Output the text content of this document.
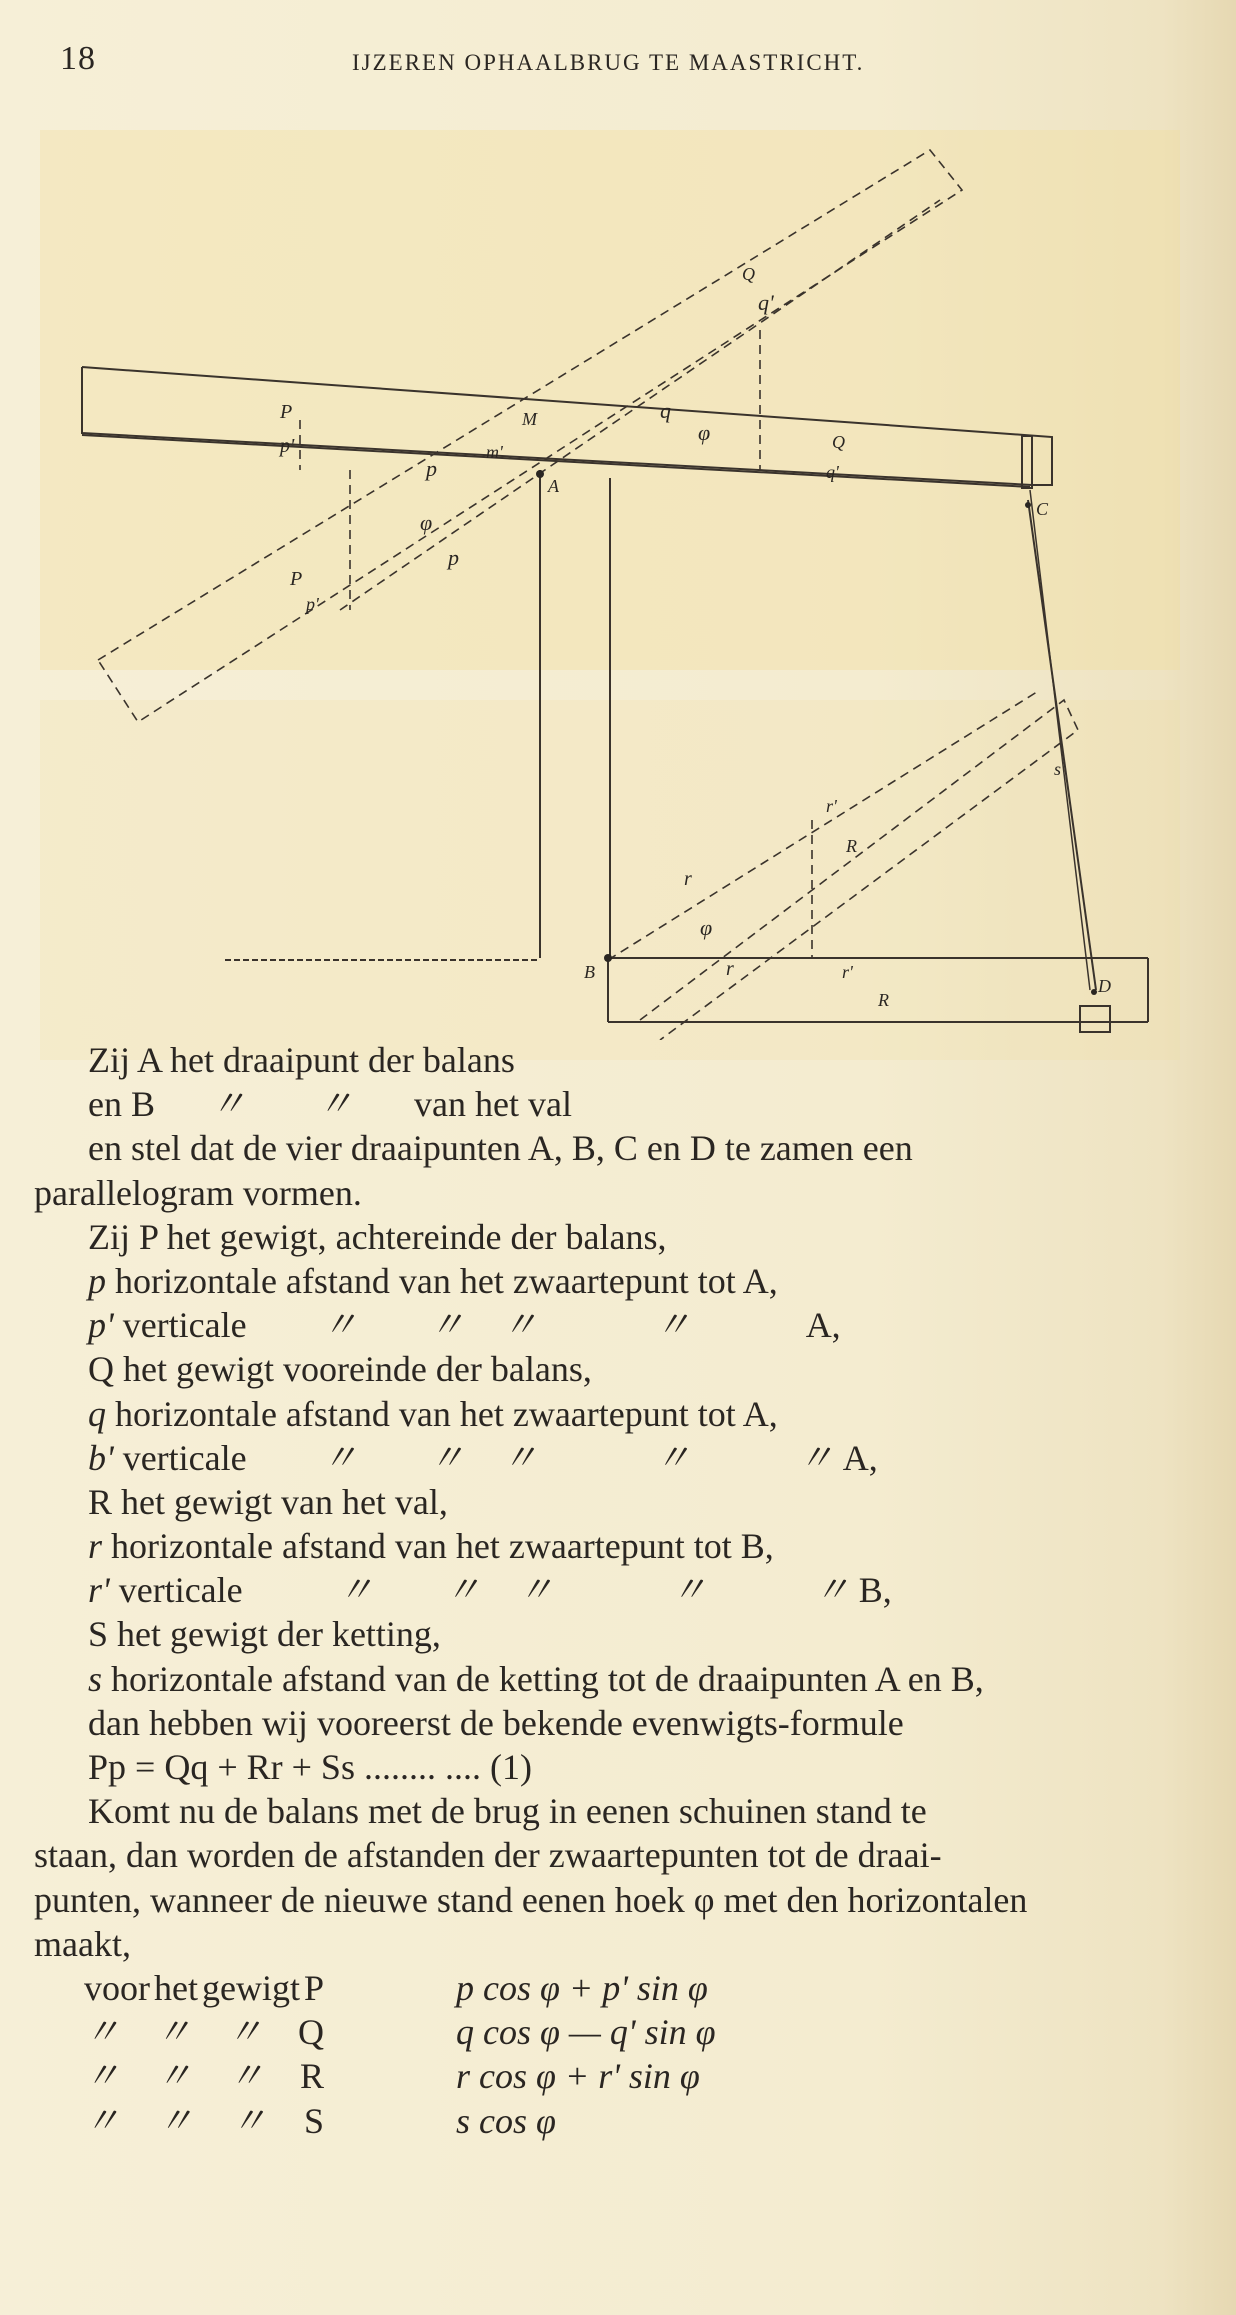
18	IJZEREN OPHAALBRUG TE MAASTRICHT.
P
p'
p
M
m'
A
q
φ	Q
q'
Q
q'
φ
p
P
p'
C
s
r'
R
r
φ
B	r	r'
R
D
Zij A het draaipunt der balans
en B 〃 〃 van het val
en stel dat de vier draaipunten A, B, C en D te zamen een
parallelogram vormen.
Zij P het gewigt, achtereinde der balans,
p horizontale afstand van het zwaartepunt tot A,
p' verticale 〃 〃 〃	〃	A,
Q het gewigt vooreinde der balans,
q horizontale afstand van het zwaartepunt tot A,
b' verticale 〃 〃 〃	〃	〃 A,
R het gewigt van het val,
r horizontale afstand van het zwaartepunt tot B,
r' verticale	〃 〃 〃	〃	〃 B,
S het gewigt der ketting,
s horizontale afstand van de ketting tot de draaipunten A en B,
dan hebben wij vooreerst de bekende evenwigts-formule
Pp = Qq + Rr + Ss ........ .... (1)
Komt nu de balans met de brug in eenen schuinen stand te
staan, dan worden de afstanden der zwaartepunten tot de draai-
punten, wanneer de nieuwe stand eenen hoek φ met den horizontalen
maakt,
voor het gewigt P	p cos φ + p' sin φ
〃 〃 〃 Q	q cos φ — q' sin φ
〃 〃 〃 R	r cos φ + r' sin φ
〃 〃 〃 S	s cos φ
